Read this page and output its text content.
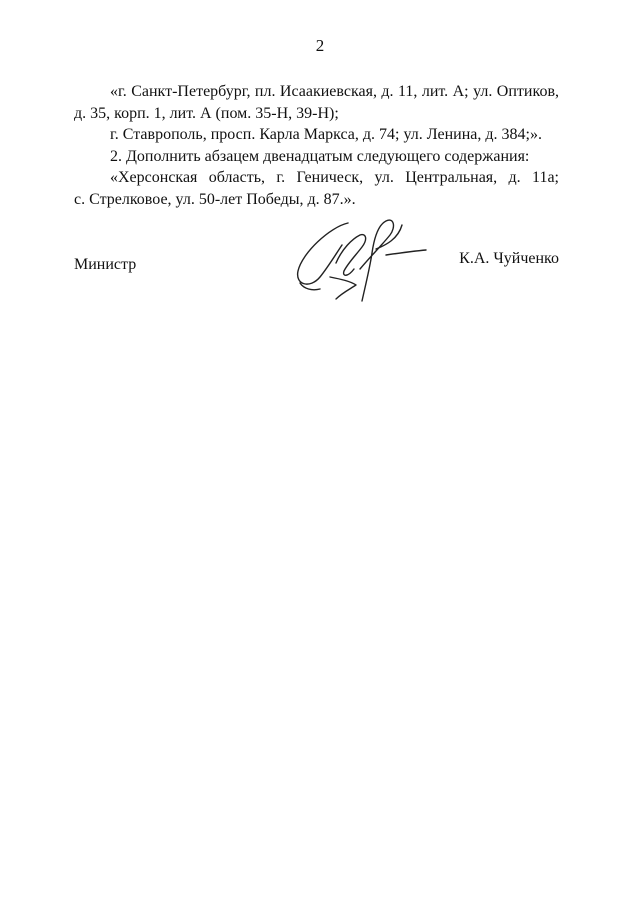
2
«г. Санкт-Петербург, пл. Исаакиевская, д. 11, лит. А; ул. Оптиков,
д. 35, корп. 1, лит. А (пом. 35-Н, 39-Н);
г. Ставрополь, просп. Карла Маркса, д. 74; ул. Ленина, д. 384;».
2. Дополнить абзацем двенадцатым следующего содержания:
«Херсонская область, г. Геническ, ул. Центральная, д. 11а;
с. Стрелковое, ул. 50-лет Победы, д. 87.».
Министр	К.А. Чуйченко
